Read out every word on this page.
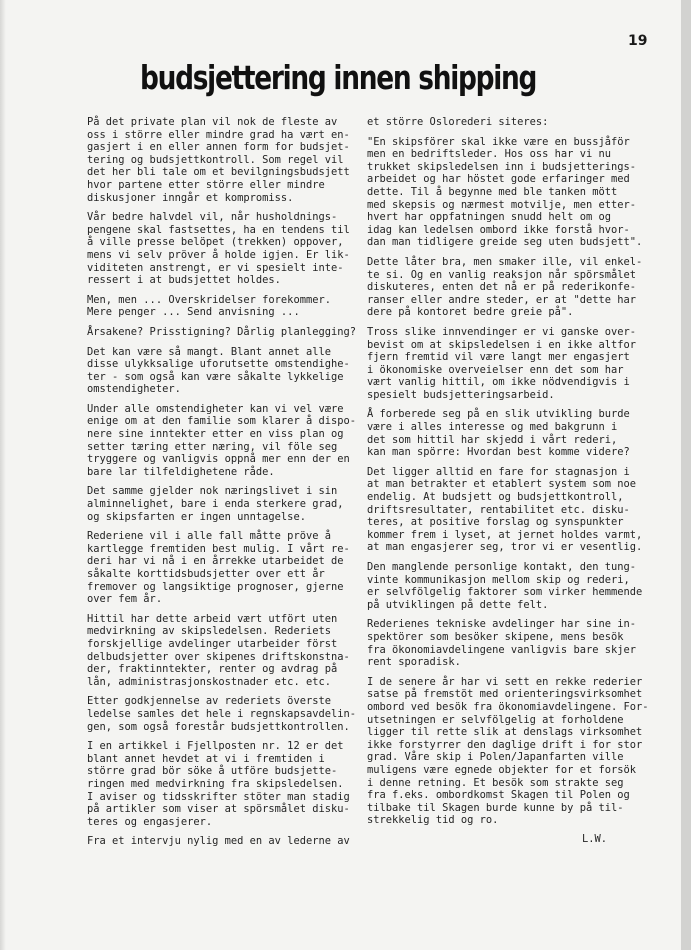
19
budsjettering innen shipping
På det private plan vil nok de fleste av
oss i större eller mindre grad ha vært en-
gasjert i en eller annen form for budsjet-
tering og budsjettkontroll. Som regel vil
det her bli tale om et bevilgningsbudsjett
hvor partene etter större eller mindre
diskusjoner inngår et kompromiss.
Vår bedre halvdel vil, når husholdnings-
pengene skal fastsettes, ha en tendens til
å ville presse belöpet (trekken) oppover,
mens vi selv pröver å holde igjen. Er lik-
viditeten anstrengt, er vi spesielt inte-
ressert i at budsjettet holdes.
Men, men ... Overskridelser forekommer.
Mere penger ... Send anvisning ...
Årsakene? Prisstigning? Dårlig planlegging?
Det kan være så mangt. Blant annet alle
disse ulykksalige uforutsette omstendighe-
ter - som også kan være såkalte lykkelige
omstendigheter.
Under alle omstendigheter kan vi vel være
enige om at den familie som klarer å dispo-
nere sine inntekter etter en viss plan og
setter tæring etter næring, vil föle seg
tryggere og vanligvis oppnå mer enn der en
bare lar tilfeldighetene råde.
Det samme gjelder nok næringslivet i sin
alminnelighet, bare i enda sterkere grad,
og skipsfarten er ingen unntagelse.
Rederiene vil i alle fall måtte pröve å
kartlegge fremtiden best mulig. I vårt re-
deri har vi nå i en årrekke utarbeidet de
såkalte korttidsbudsjetter over ett år
fremover og langsiktige prognoser, gjerne
over fem år.
Hittil har dette arbeid vært utfört uten
medvirkning av skipsledelsen. Rederiets
forskjellige avdelinger utarbeider först
delbudsjetter over skipenes driftskonstna-
der, fraktinntekter, renter og avdrag på
lån, administrasjonskostnader etc. etc.
Etter godkjennelse av rederiets överste
ledelse samles det hele i regnskapsavdelin-
gen, som også forestår budsjettkontrollen.
I en artikkel i Fjellposten nr. 12 er det
blant annet hevdet at vi i fremtiden i
större grad bör söke å utföre budsjette-
ringen med medvirkning fra skipsledelsen.
I aviser og tidsskrifter stöter man stadig
på artikler som viser at spörsmålet disku-
teres og engasjerer.
Fra et intervju nylig med en av lederne av
et större Oslorederi siteres:
"En skipsförer skal ikke være en bussjåför
men en bedriftsleder. Hos oss har vi nu
trukket skipsledelsen inn i budsjetterings-
arbeidet og har höstet gode erfaringer med
dette. Til å begynne med ble tanken mött
med skepsis og nærmest motvilje, men etter-
hvert har oppfatningen snudd helt om og
idag kan ledelsen ombord ikke forstå hvor-
dan man tidligere greide seg uten budsjett".
Dette låter bra, men smaker ille, vil enkel-
te si. Og en vanlig reaksjon når spörsmålet
diskuteres, enten det nå er på rederikonfe-
ranser eller andre steder, er at "dette har
dere på kontoret bedre greie på".
Tross slike innvendinger er vi ganske over-
bevist om at skipsledelsen i en ikke altfor
fjern fremtid vil være langt mer engasjert
i ökonomiske overveielser enn det som har
vært vanlig hittil, om ikke nödvendigvis i
spesielt budsjetteringsarbeid.
Å forberede seg på en slik utvikling burde
være i alles interesse og med bakgrunn i
det som hittil har skjedd i vårt rederi,
kan man spörre: Hvordan best komme videre?
Det ligger alltid en fare for stagnasjon i
at man betrakter et etablert system som noe
endelig. At budsjett og budsjettkontroll,
driftsresultater, rentabilitet etc. disku-
teres, at positive forslag og synspunkter
kommer frem i lyset, at jernet holdes varmt,
at man engasjerer seg, tror vi er vesentlig.
Den manglende personlige kontakt, den tung-
vinte kommunikasjon mellom skip og rederi,
er selvfölgelig faktorer som virker hemmende
på utviklingen på dette felt.
Rederienes tekniske avdelinger har sine in-
spektörer som besöker skipene, mens besök
fra ökonomiavdelingene vanligvis bare skjer
rent sporadisk.
I de senere år har vi sett en rekke rederier
satse på fremstöt med orienteringsvirksomhet
ombord ved besök fra ökonomiavdelingene. For-
utsetningen er selvfölgelig at forholdene
ligger til rette slik at denslags virksomhet
ikke forstyrrer den daglige drift i for stor
grad. Våre skip i Polen/Japanfarten ville
muligens være egnede objekter for et forsök
i denne retning. Et besök som strakte seg
fra f.eks. ombordkomst Skagen til Polen og
tilbake til Skagen burde kunne by på til-
strekkelig tid og ro.
L.W.
